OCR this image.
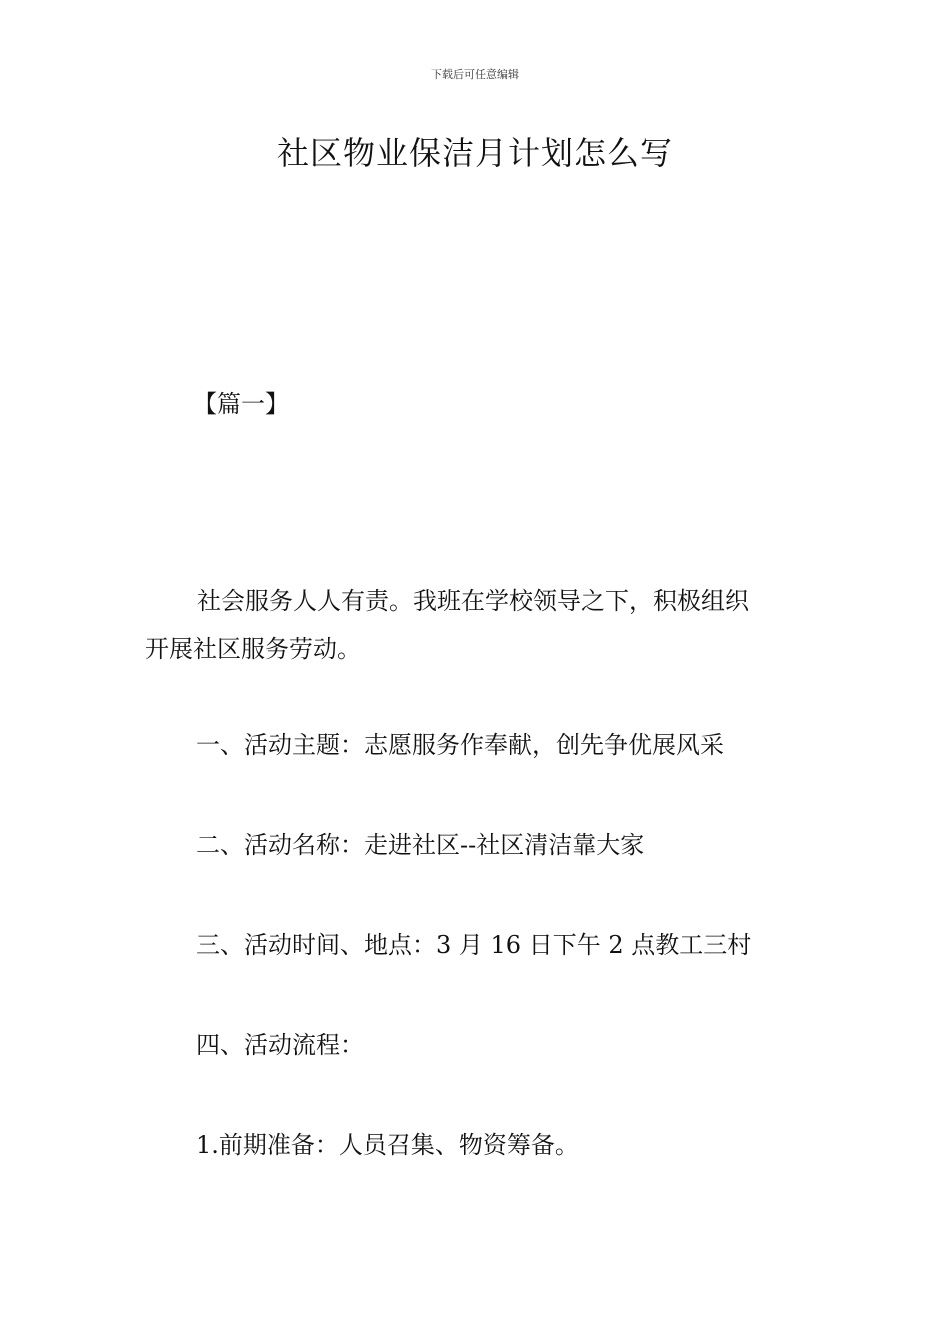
下载后可任意编辑
社区物业保洁月计划怎么写
【篇一】
社会服务人人有责。我班在学校领导之下，积极组织
开展社区服务劳动。
一、活动主题：志愿服务作奉献，创先争优展风采
二、活动名称：走进社区--社区清洁靠大家
三、活动时间、地点：3 月 16 日下午 2 点教工三村
四、活动流程：
1.前期准备：人员召集、物资筹备。
